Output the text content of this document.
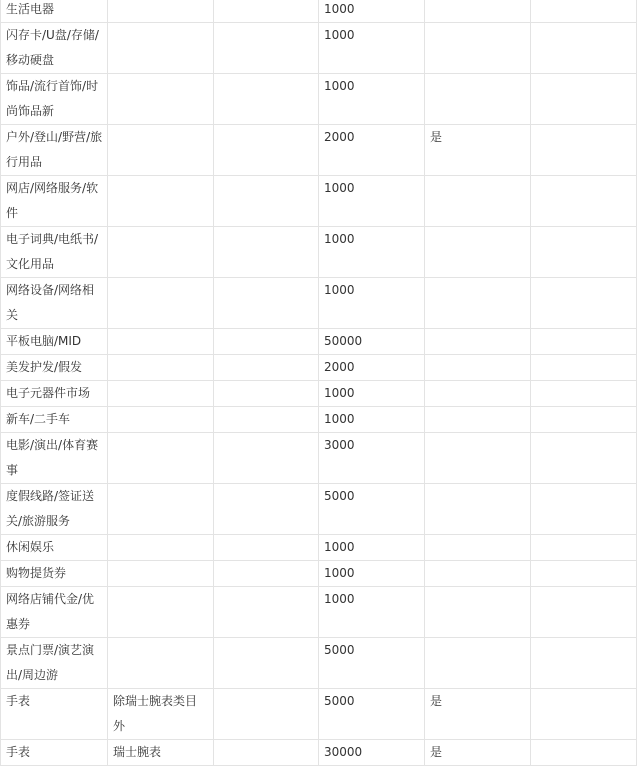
生活电器			1000		

闪存卡/U盘/存储/移动硬盘			1000		

饰品/流行首饰/时尚饰品新			1000		

户外/登山/野营/旅行用品			2000	是	

网店/网络服务/软件			1000		

电子词典/电纸书/文化用品			1000		

网络设备/网络相关			1000		

平板电脑/MID			50000		

美发护发/假发			2000		

电子元器件市场			1000		

新车/二手车			1000		

电影/演出/体育赛事			3000		

度假线路/签证送关/旅游服务			5000		

休闲娱乐			1000		

购物提货券			1000		

网络店铺代金/优惠券			1000		

景点门票/演艺演出/周边游			5000		

手表	除瑞士腕表类目外		5000	是	

手表	瑞士腕表		30000	是	
